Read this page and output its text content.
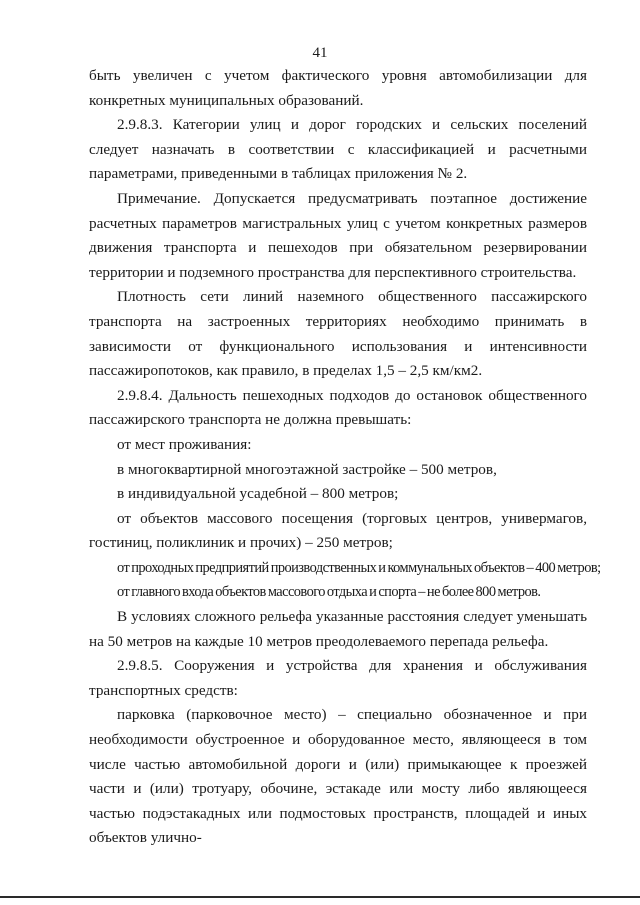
41

быть увеличен с учетом фактического уровня автомобилизации для конкретных муниципальных образований.

2.9.8.3. Категории улиц и дорог городских и сельских поселений следует назначать в соответствии с классификацией и расчетными параметрами, приведенными в таблицах приложения № 2.

Примечание. Допускается предусматривать поэтапное достижение расчетных параметров магистральных улиц с учетом конкретных размеров движения транспорта и пешеходов при обязательном резервировании территории и подземного пространства для перспективного строительства.

Плотность сети линий наземного общественного пассажирского транспорта на застроенных территориях необходимо принимать в зависимости от функционального использования и интенсивности пассажиропотоков, как правило, в пределах 1,5 – 2,5 км/км2.

2.9.8.4. Дальность пешеходных подходов до остановок общественного пассажирского транспорта не должна превышать:

от мест проживания:

в многоквартирной многоэтажной застройке – 500 метров,

в индивидуальной усадебной – 800 метров;

от объектов массового посещения (торговых центров, универмагов, гостиниц, поликлиник и прочих) – 250 метров;

от проходных предприятий производственных и коммунальных объектов – 400 метров;

от главного входа объектов массового отдыха и спорта – не более 800 метров.

В условиях сложного рельефа указанные расстояния следует уменьшать на 50 метров на каждые 10 метров преодолеваемого перепада рельефа.

2.9.8.5. Сооружения и устройства для хранения и обслуживания транспортных средств:

парковка (парковочное место) – специально обозначенное и при необходимости обустроенное и оборудованное место, являющееся в том числе частью автомобильной дороги и (или) примыкающее к проезжей части и (или) тротуару, обочине, эстакаде или мосту либо являющееся частью подэстакадных или подмостовых пространств, площадей и иных объектов улично-
